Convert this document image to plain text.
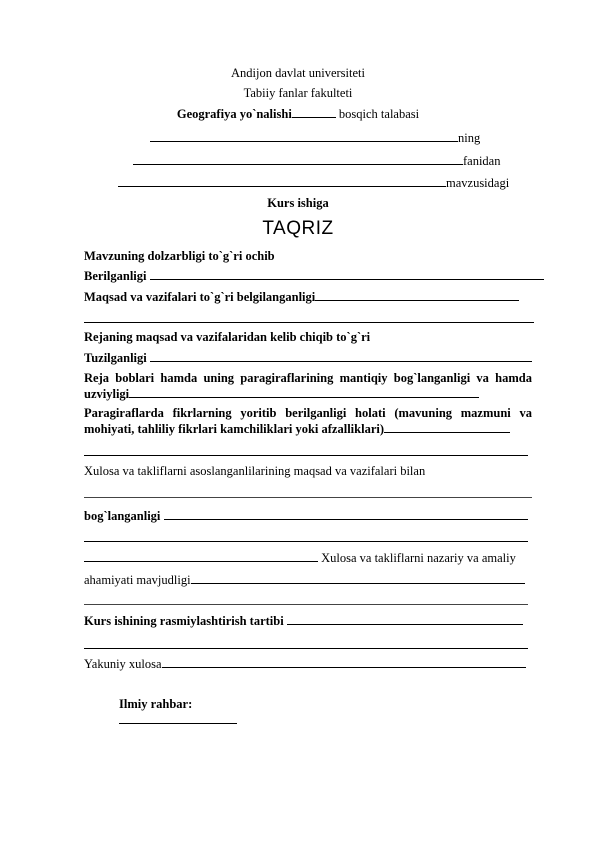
Andijon davlat universiteti
Tabiiy fanlar fakulteti
Geografiya yo`nalishi	bosqich talabasi
ning
fanidan
mavzusidagi
Kurs ishiga
TAQRIZ
Mavzuning dolzarbligi to`g`ri ochib
Berilganligi
Maqsad va vazifalari to`g`ri belgilanganligi
Rejaning maqsad va vazifalaridan kelib chiqib to`g`ri
Tuzilganligi
Reja boblari hamda uning paragiraflarining mantiqiy bog`langanligi va hamda uzviyligi
Paragiraflarda fikrlarning yoritib berilganligi holati (mavuning mazmuni va mohiyati, tahliliy fikrlari kamchiliklari yoki afzalliklari)
Xulosa va takliflarni asoslanganlilarining maqsad va vazifalari bilan
bog`langanligi
Xulosa va takliflarni nazariy va amaliy
ahamiyati mavjudligi
Kurs ishining rasmiylashtirish tartibi
Yakuniy xulosa
Ilmiy rahbar:
